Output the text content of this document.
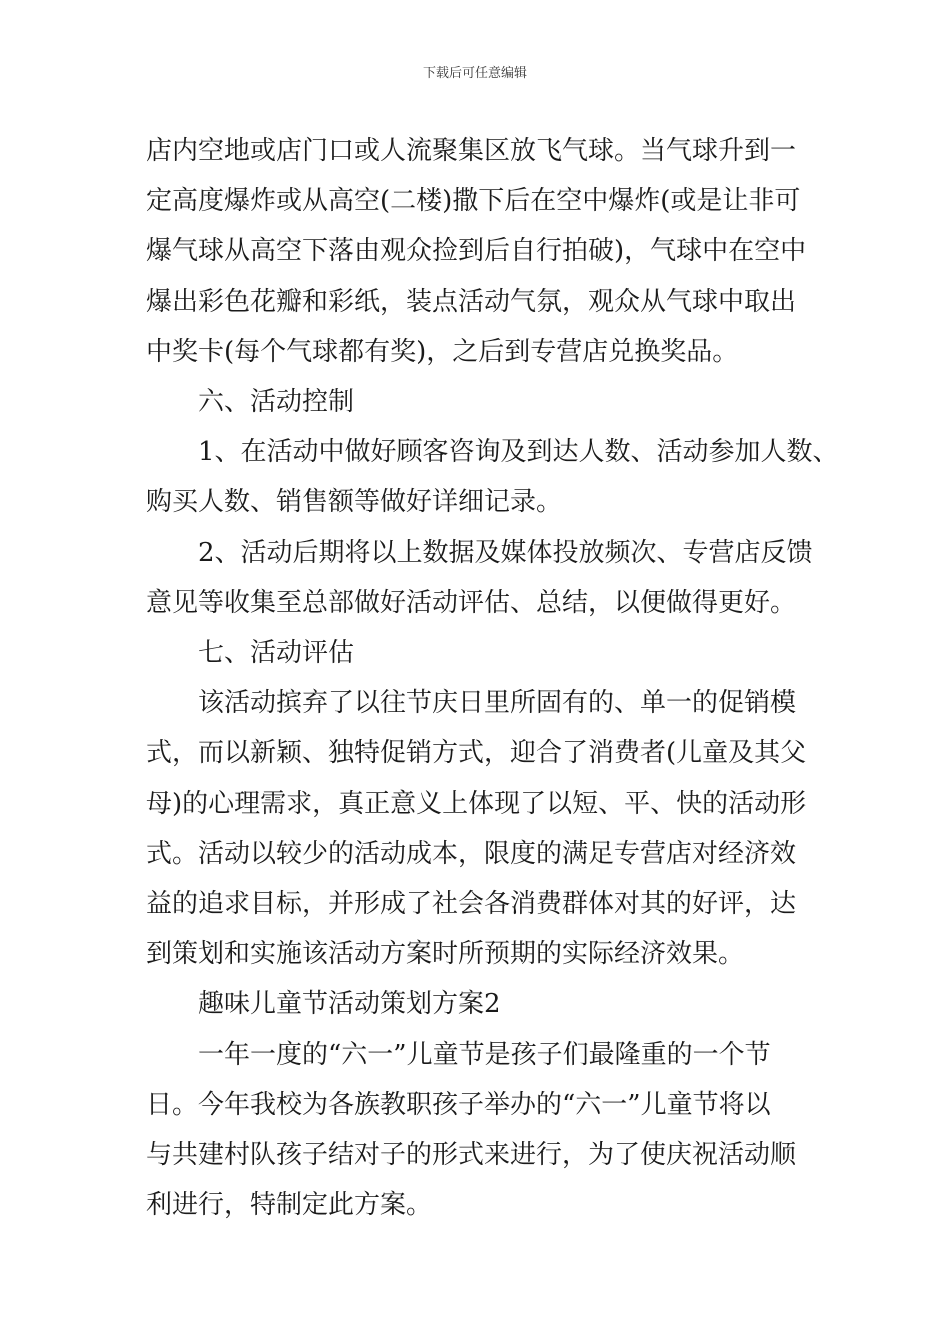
下载后可任意编辑

店内空地或店门口或人流聚集区放飞气球。当气球升到一

定高度爆炸或从高空(二楼)撒下后在空中爆炸(或是让非可

爆气球从高空下落由观众捡到后自行拍破)，气球中在空中

爆出彩色花瓣和彩纸，装点活动气氛，观众从气球中取出

中奖卡(每个气球都有奖)，之后到专营店兑换奖品。

六、活动控制

1、在活动中做好顾客咨询及到达人数、活动参加人数、

购买人数、销售额等做好详细记录。

2、活动后期将以上数据及媒体投放频次、专营店反馈

意见等收集至总部做好活动评估、总结，以便做得更好。

七、活动评估

该活动摈弃了以往节庆日里所固有的、单一的促销模

式，而以新颖、独特促销方式，迎合了消费者(儿童及其父

母)的心理需求，真正意义上体现了以短、平、快的活动形

式。活动以较少的活动成本，限度的满足专营店对经济效

益的追求目标，并形成了社会各消费群体对其的好评，达

到策划和实施该活动方案时所预期的实际经济效果。

趣味儿童节活动策划方案2

一年一度的“六一”儿童节是孩子们最隆重的一个节

日。今年我校为各族教职孩子举办的“六一”儿童节将以

与共建村队孩子结对子的形式来进行，为了使庆祝活动顺

利进行，特制定此方案。
